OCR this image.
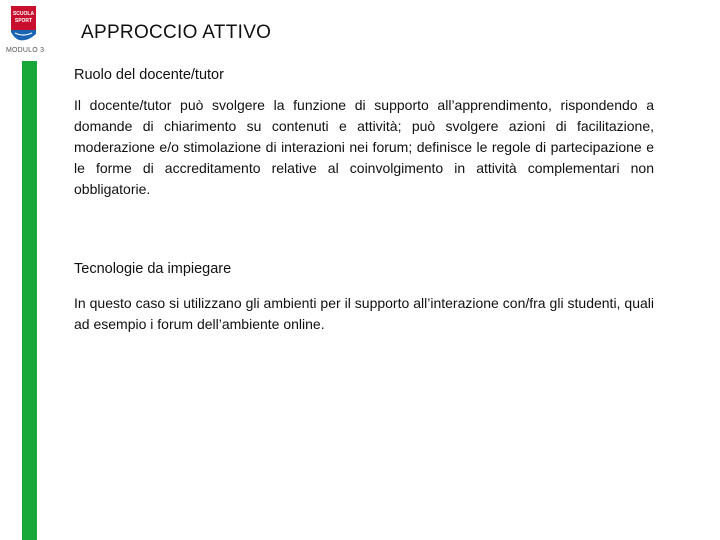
SCUOLA
SPORT
MODULO 3
APPROCCIO ATTIVO
Ruolo del docente/tutor

Il docente/tutor può svolgere la funzione di supporto all’apprendimento, rispondendo a domande di chiarimento su contenuti e attività; può svolgere azioni di facilitazione, moderazione e/o stimolazione di interazioni nei forum; definisce le regole di partecipazione e le forme di accreditamento relative al coinvolgimento in attività complementari non obbligatorie.

Tecnologie da impiegare

In questo caso si utilizzano gli ambienti per il supporto all’interazione con/fra gli studenti, quali ad esempio i forum dell’ambiente online.
